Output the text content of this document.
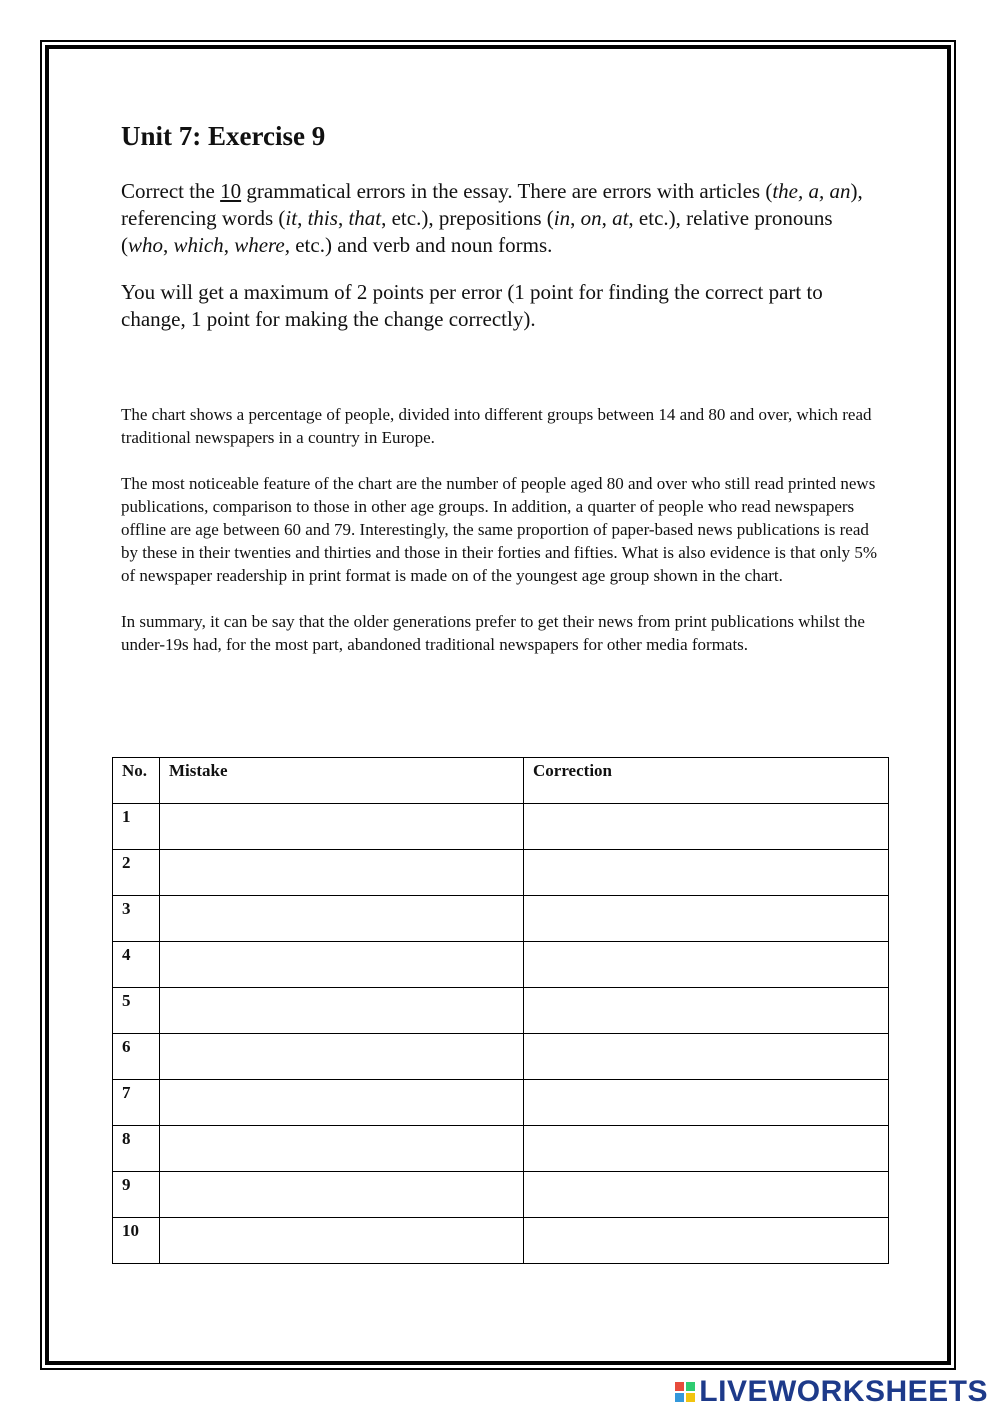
Unit 7: Exercise 9

Correct the 10 grammatical errors in the essay. There are errors with articles (the, a, an), referencing words (it, this, that, etc.), prepositions (in, on, at, etc.), relative pronouns (who, which, where, etc.) and verb and noun forms.

You will get a maximum of 2 points per error (1 point for finding the correct part to change, 1 point for making the change correctly).

The chart shows a percentage of people, divided into different groups between 14 and 80 and over, which read traditional newspapers in a country in Europe.

The most noticeable feature of the chart are the number of people aged 80 and over who still read printed news publications, comparison to those in other age groups. In addition, a quarter of people who read newspapers offline are age between 60 and 79. Interestingly, the same proportion of paper-based news publications is read by these in their twenties and thirties and those in their forties and fifties. What is also evidence is that only 5% of newspaper readership in print format is made on of the youngest age group shown in the chart.

In summary, it can be say that the older generations prefer to get their news from print publications whilst the under-19s had, for the most part, abandoned traditional newspapers for other media formats.

No.	Mistake	Correction
1		
2		
3		
4		
5		
6		
7		
8		
9		
10		
LIVEWORKSHEETS
